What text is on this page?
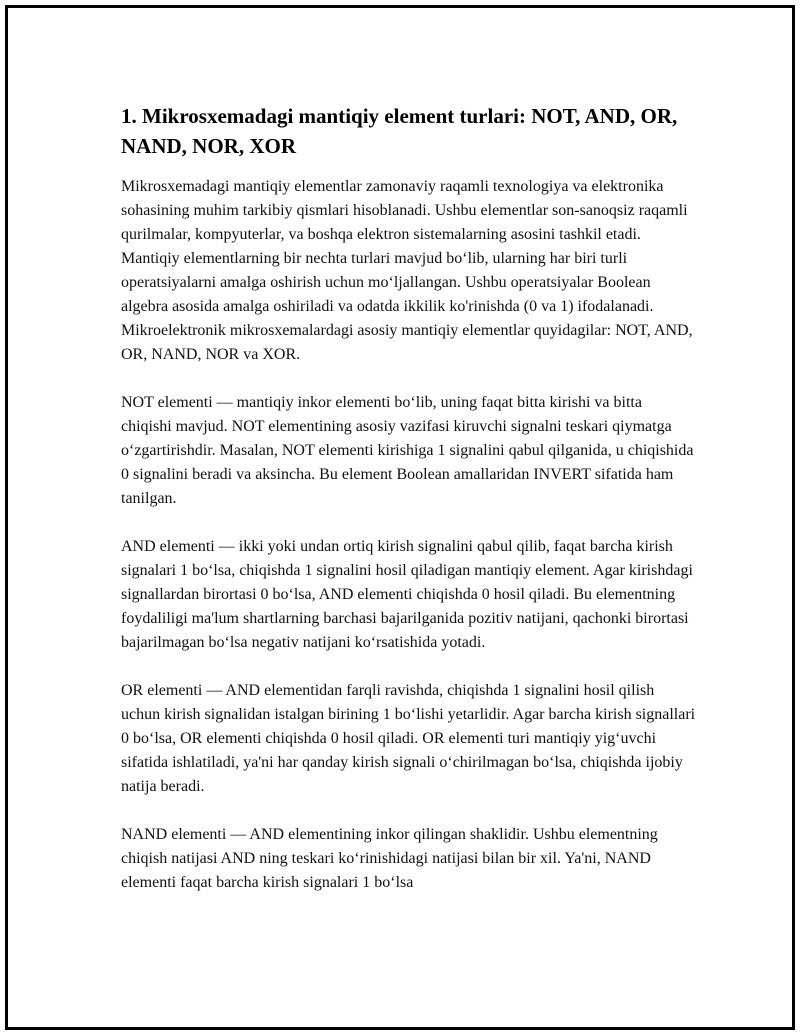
1. Mikrosxemadagi mantiqiy element turlari: NOT, AND, OR, NAND, NOR, XOR

Mikrosxemadagi mantiqiy elementlar zamonaviy raqamli texnologiya va elektronika sohasining muhim tarkibiy qismlari hisoblanadi. Ushbu elementlar son-sanoqsiz raqamli qurilmalar, kompyuterlar, va boshqa elektron sistemalarning asosini tashkil etadi. Mantiqiy elementlarning bir nechta turlari mavjud bo‘lib, ularning har biri turli operatsiyalarni amalga oshirish uchun mo‘ljallangan. Ushbu operatsiyalar Boolean algebra asosida amalga oshiriladi va odatda ikkilik ko'rinishda (0 va 1) ifodalanadi. Mikroelektronik mikrosxemalardagi asosiy mantiqiy elementlar quyidagilar: NOT, AND, OR, NAND, NOR va XOR.

NOT elementi — mantiqiy inkor elementi bo‘lib, uning faqat bitta kirishi va bitta chiqishi mavjud. NOT elementining asosiy vazifasi kiruvchi signalni teskari qiymatga o‘zgartirishdir. Masalan, NOT elementi kirishiga 1 signalini qabul qilganida, u chiqishida 0 signalini beradi va aksincha. Bu element Boolean amallaridan INVERT sifatida ham tanilgan.

AND elementi — ikki yoki undan ortiq kirish signalini qabul qilib, faqat barcha kirish signalari 1 bo‘lsa, chiqishda 1 signalini hosil qiladigan mantiqiy element. Agar kirishdagi signallardan birortasi 0 bo‘lsa, AND elementi chiqishda 0 hosil qiladi. Bu elementning foydaliligi ma'lum shartlarning barchasi bajarilganida pozitiv natijani, qachonki birortasi bajarilmagan bo‘lsa negativ natijani ko‘rsatishida yotadi.

OR elementi — AND elementidan farqli ravishda, chiqishda 1 signalini hosil qilish uchun kirish signalidan istalgan birining 1 bo‘lishi yetarlidir. Agar barcha kirish signallari 0 bo‘lsa, OR elementi chiqishda 0 hosil qiladi. OR elementi turi mantiqiy yig‘uvchi sifatida ishlatiladi, ya'ni har qanday kirish signali o‘chirilmagan bo‘lsa, chiqishda ijobiy natija beradi.

NAND elementi — AND elementining inkor qilingan shaklidir. Ushbu elementning chiqish natijasi AND ning teskari ko‘rinishidagi natijasi bilan bir xil. Ya'ni, NAND elementi faqat barcha kirish signalari 1 bo‘lsa
